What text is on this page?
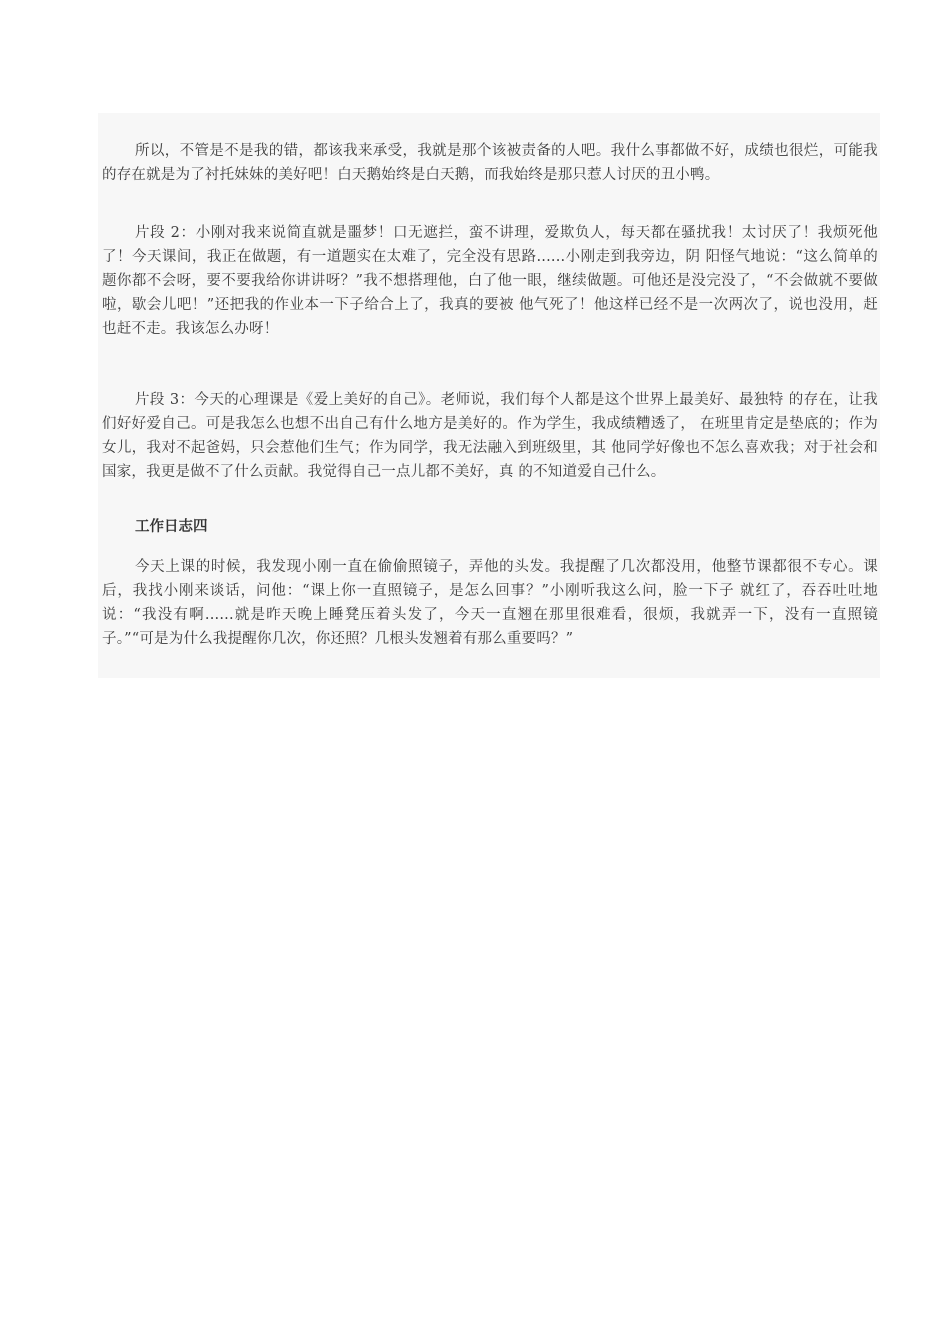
所以，不管是不是我的错，都该我来承受，我就是那个该被责备的人吧。我什么事都做不好，成绩也很烂，可能我的存在就是为了衬托妹妹的美好吧！白天鹅始终是白天鹅，而我始终是那只惹人讨厌的丑小鸭。

片段 2：小刚对我来说简直就是噩梦！口无遮拦，蛮不讲理，爱欺负人，每天都在骚扰我！太讨厌了！我烦死他了！今天课间，我正在做题，有一道题实在太难了，完全没有思路......小刚走到我旁边，阴 阳怪气地说：“这么简单的题你都不会呀，要不要我给你讲讲呀？”我不想搭理他，白了他一眼，继续做题。可他还是没完没了，“不会做就不要做啦，歇会儿吧！”还把我的作业本一下子给合上了，我真的要被 他气死了！他这样已经不是一次两次了，说也没用，赶也赶不走。我该怎么办呀！

片段 3：今天的心理课是《爱上美好的自己》。老师说，我们每个人都是这个世界上最美好、最独特 的存在，让我们好好爱自己。可是我怎么也想不出自己有什么地方是美好的。作为学生，我成绩糟透了， 在班里肯定是垫底的；作为女儿，我对不起爸妈，只会惹他们生气；作为同学，我无法融入到班级里，其 他同学好像也不怎么喜欢我；对于社会和国家，我更是做不了什么贡献。我觉得自己一点儿都不美好，真 的不知道爱自己什么。

工作日志四

今天上课的时候，我发现小刚一直在偷偷照镜子，弄他的头发。我提醒了几次都没用，他整节课都很不专心。课后，我找小刚来谈话，问他：“课上你一直照镜子，是怎么回事？”小刚听我这么问，脸一下子 就红了，吞吞吐吐地说：“我没有啊......就是昨天晚上睡凳压着头发了，今天一直翘在那里很难看，很烦，我就弄一下，没有一直照镜子。”“可是为什么我提醒你几次，你还照？几根头发翘着有那么重要吗？”
